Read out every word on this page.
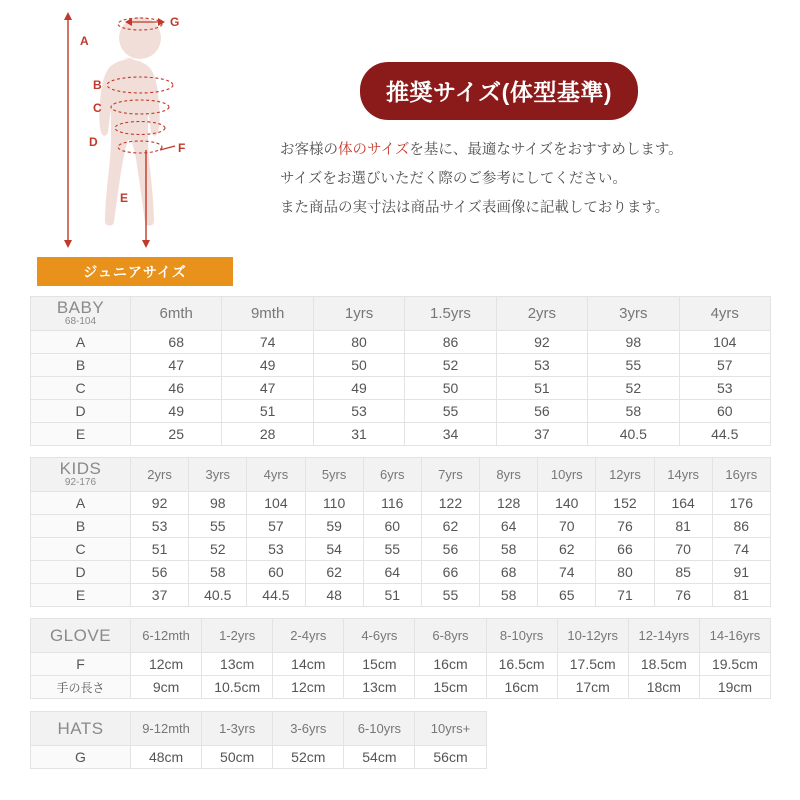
A
B
C
D
E
F
G
推奨サイズ(体型基準)
お客様の体のサイズを基に、最適なサイズをおすすめします。
サイズをお選びいただく際のご参考にしてください。
また商品の実寸法は商品サイズ表画像に記載しております。
ジュニアサイズ
BABY
68-104	6mth	9mth	1yrs	1.5yrs	2yrs	3yrs	4yrs
A	68	74	80	86	92	98	104
B	47	49	50	52	53	55	57
C	46	47	49	50	51	52	53
D	49	51	53	55	56	58	60
E	25	28	31	34	37	40.5	44.5
KIDS
92-176	2yrs	3yrs	4yrs	5yrs	6yrs	7yrs	8yrs	10yrs	12yrs	14yrs	16yrs
A	92	98	104	110	116	122	128	140	152	164	176
B	53	55	57	59	60	62	64	70	76	81	86
C	51	52	53	54	55	56	58	62	66	70	74
D	56	58	60	62	64	66	68	74	80	85	91
E	37	40.5	44.5	48	51	55	58	65	71	76	81
GLOVE	6-12mth	1-2yrs	2-4yrs	4-6yrs	6-8yrs	8-10yrs	10-12yrs	12-14yrs	14-16yrs
F	12cm	13cm	14cm	15cm	16cm	16.5cm	17.5cm	18.5cm	19.5cm
手の長さ	9cm	10.5cm	12cm	13cm	15cm	16cm	17cm	18cm	19cm
HATS	9-12mth	1-3yrs	3-6yrs	6-10yrs	10yrs+				
G	48cm	50cm	52cm	54cm	56cm				
